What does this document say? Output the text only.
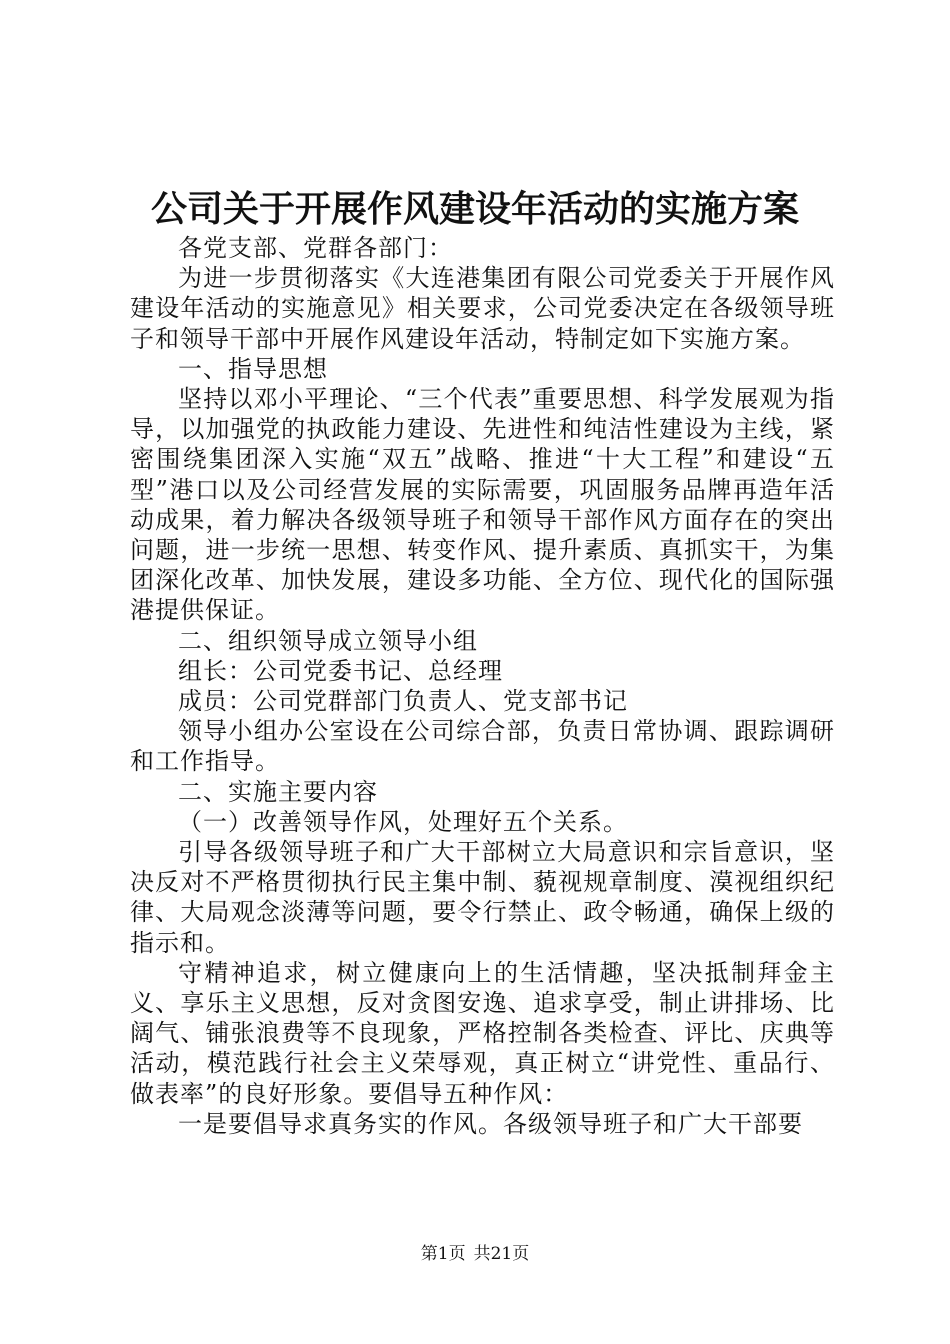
公司关于开展作风建设年活动的实施方案

各党支部、党群各部门：

为进一步贯彻落实《大连港集团有限公司党委关于开展作风建设年活动的实施意见》相关要求，公司党委决定在各级领导班子和领导干部中开展作风建设年活动，特制定如下实施方案。

一、指导思想

坚持以邓小平理论、“三个代表”重要思想、科学发展观为指导，以加强党的执政能力建设、先进性和纯洁性建设为主线，紧密围绕集团深入实施“双五”战略、推进“十大工程”和建设“五型”港口以及公司经营发展的实际需要，巩固服务品牌再造年活动成果，着力解决各级领导班子和领导干部作风方面存在的突出问题，进一步统一思想、转变作风、提升素质、真抓实干，为集团深化改革、加快发展，建设多功能、全方位、现代化的国际强港提供保证。

二、组织领导成立领导小组

组长：公司党委书记、总经理

成员：公司党群部门负责人、党支部书记

领导小组办公室设在公司综合部，负责日常协调、跟踪调研和工作指导。

二、实施主要内容

（一）改善领导作风，处理好五个关系。

引导各级领导班子和广大干部树立大局意识和宗旨意识，坚决反对不严格贯彻执行民主集中制、藐视规章制度、漠视组织纪律、大局观念淡薄等问题，要令行禁止、政令畅通，确保上级的指示和。

守精神追求，树立健康向上的生活情趣，坚决抵制拜金主义、享乐主义思想，反对贪图安逸、追求享受，制止讲排场、比阔气、铺张浪费等不良现象，严格控制各类检查、评比、庆典等活动，模范践行社会主义荣辱观，真正树立“讲党性、重品行、做表率”的良好形象。要倡导五种作风：

一是要倡导求真务实的作风。各级领导班子和广大干部要

第1页 共21页
